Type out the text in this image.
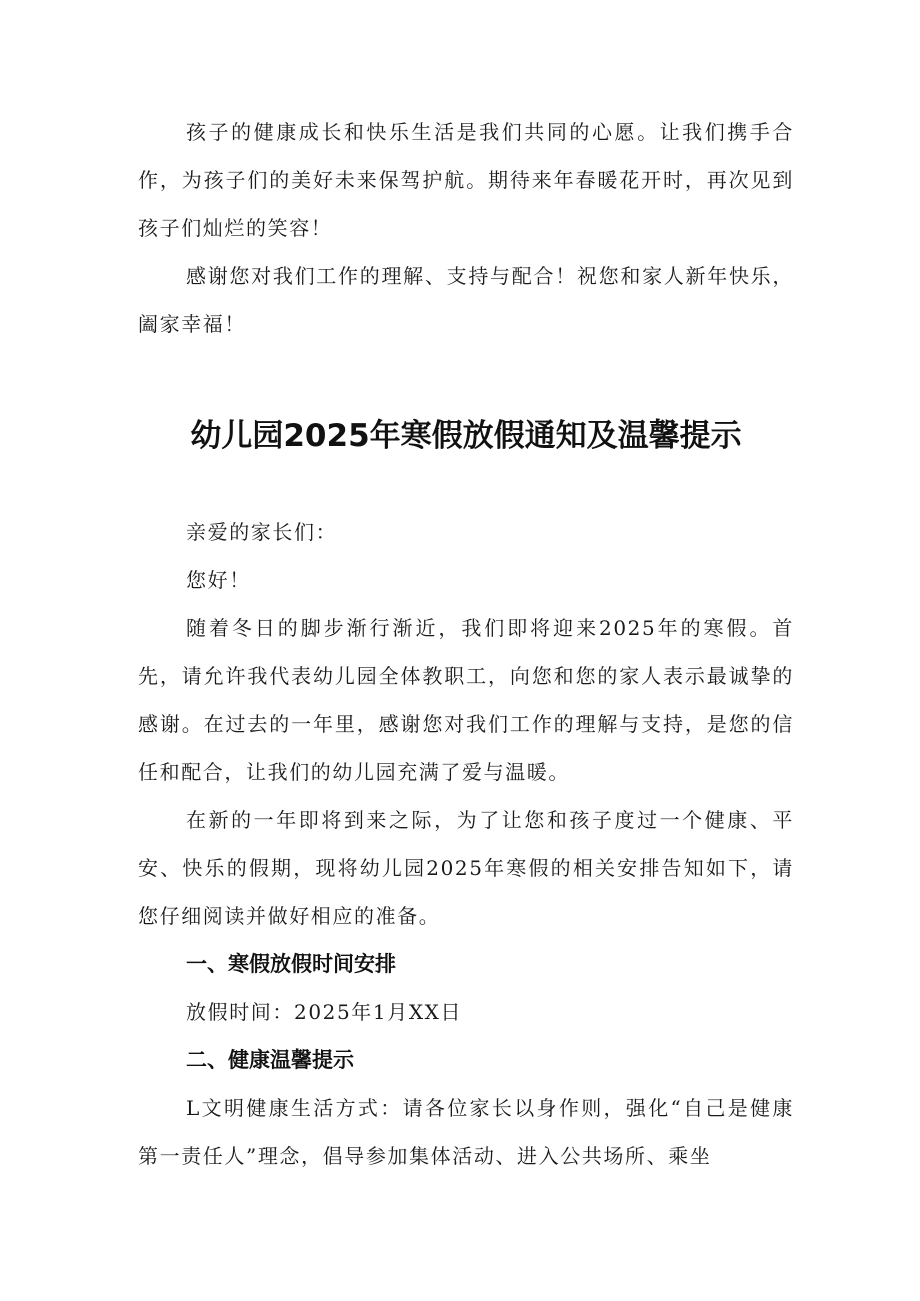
孩子的健康成长和快乐生活是我们共同的心愿。让我们携手合作，为孩子们的美好未来保驾护航。期待来年春暖花开时，再次见到孩子们灿烂的笑容！

感谢您对我们工作的理解、支持与配合！祝您和家人新年快乐，阖家幸福！

幼儿园2025年寒假放假通知及温馨提示

亲爱的家长们：

您好！

随着冬日的脚步渐行渐近，我们即将迎来2025年的寒假。首先，请允许我代表幼儿园全体教职工，向您和您的家人表示最诚挚的感谢。在过去的一年里，感谢您对我们工作的理解与支持，是您的信任和配合，让我们的幼儿园充满了爱与温暖。

在新的一年即将到来之际，为了让您和孩子度过一个健康、平安、快乐的假期，现将幼儿园2025年寒假的相关安排告知如下，请您仔细阅读并做好相应的准备。

一、寒假放假时间安排

放假时间：2025年1月XX日

二、健康温馨提示

L文明健康生活方式：请各位家长以身作则，强化“自己是健康第一责任人”理念，倡导参加集体活动、进入公共场所、乘坐
